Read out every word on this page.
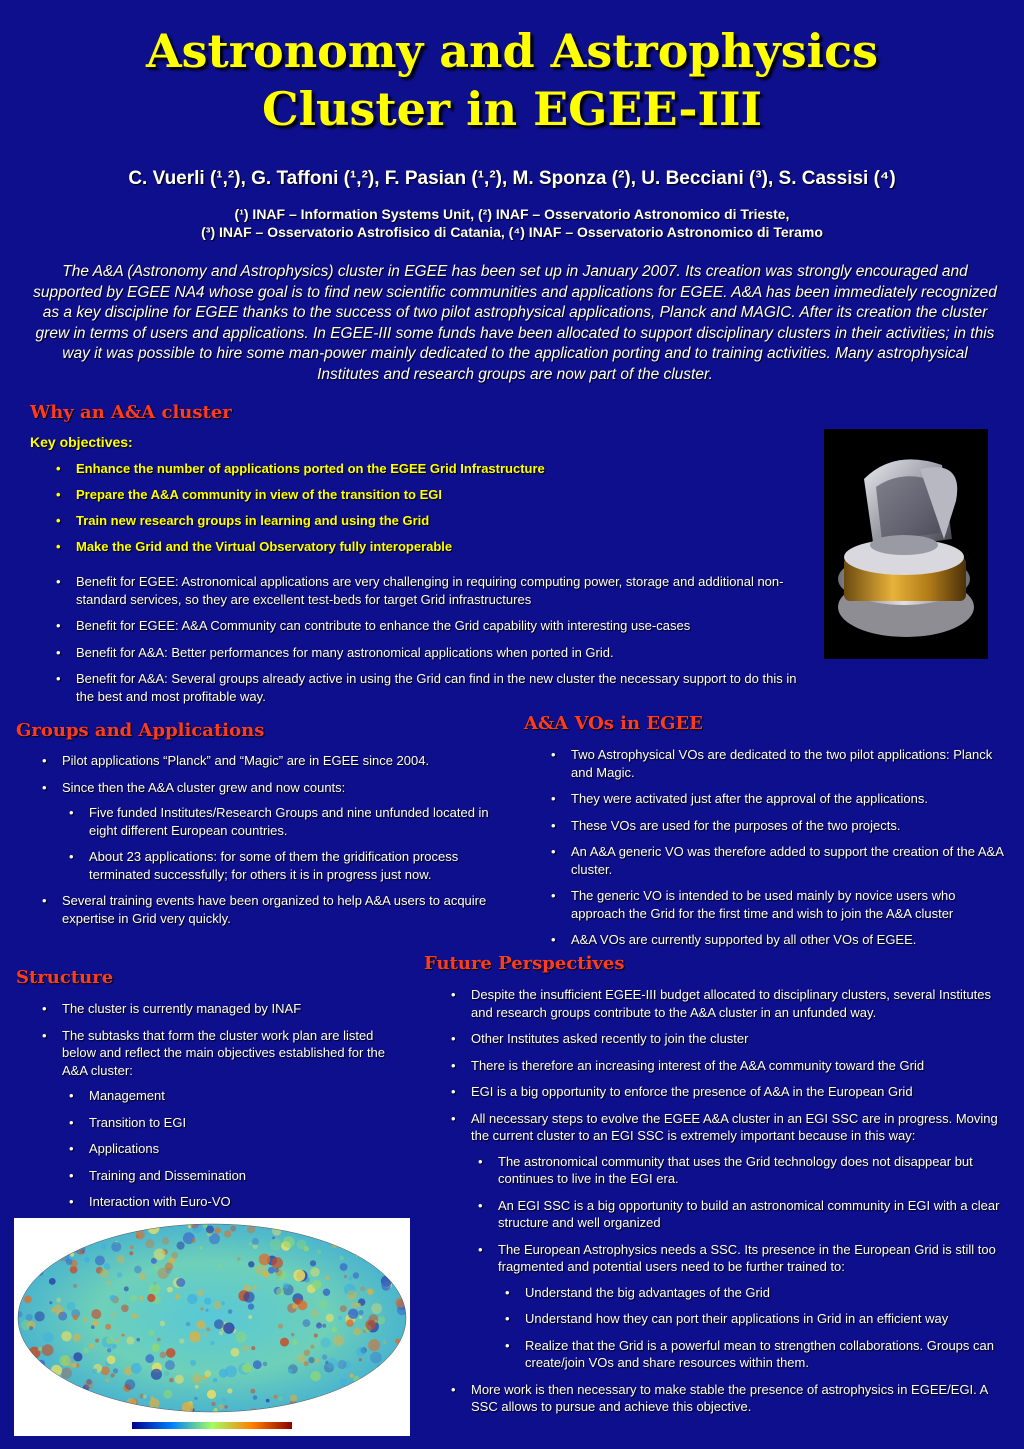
Astronomy and Astrophysics
Cluster in EGEE-III
C. Vuerli (¹,²), G. Taffoni (¹,²), F. Pasian (¹,²), M. Sponza (²), U. Becciani (³), S. Cassisi (⁴)
(¹) INAF – Information Systems Unit, (²) INAF – Osservatorio Astronomico di Trieste,
(³) INAF – Osservatorio Astrofisico di Catania, (⁴) INAF – Osservatorio Astronomico di Teramo
The A&A (Astronomy and Astrophysics) cluster in EGEE has been set up in January 2007. Its creation was strongly encouraged and supported by EGEE NA4 whose goal is to find new scientific communities and applications for EGEE. A&A has been immediately recognized as a key discipline for EGEE thanks to the success of two pilot astrophysical applications, Planck and MAGIC. After its creation the cluster grew in terms of users and applications. In EGEE-III some funds have been allocated to support disciplinary clusters in their activities; in this way it was possible to hire some man-power mainly dedicated to the application porting and to training activities. Many astrophysical Institutes and research groups are now part of the cluster.
Why an A&A cluster
Key objectives:
• Enhance the number of applications ported on the EGEE Grid Infrastructure
• Prepare the A&A community in view of the transition to EGI
• Train new research groups in learning and using the Grid
• Make the Grid and the Virtual Observatory fully interoperable
• Benefit for EGEE: Astronomical applications are very challenging in requiring computing power, storage and additional non-standard services, so they are excellent test-beds for target Grid infrastructures
• Benefit for EGEE: A&A Community can contribute to enhance the Grid capability with interesting use-cases
• Benefit for A&A: Better performances for many astronomical applications when ported in Grid.
• Benefit for A&A: Several groups already active in using the Grid can find in the new cluster the necessary support to do this in the best and most profitable way.
Groups and Applications
• Pilot applications “Planck” and “Magic” are in EGEE since 2004.
• Since then the A&A cluster grew and now counts:
• Five funded Institutes/Research Groups and nine unfunded located in eight different European countries.
• About 23 applications: for some of them the gridification process terminated successfully; for others it is in progress just now.
• Several training events have been organized to help A&A users to acquire expertise in Grid very quickly.
A&A VOs in EGEE
• Two Astrophysical VOs are dedicated to the two pilot applications: Planck and Magic.
• They were activated just after the approval of the applications.
• These VOs are used for the purposes of the two projects.
• An A&A generic VO was therefore added to support the creation of the A&A cluster.
• The generic VO is intended to be used mainly by novice users who approach the Grid for the first time and wish to join the A&A cluster
• A&A VOs are currently supported by all other VOs of EGEE.
Structure
• The cluster is currently managed by INAF
• The subtasks that form the cluster work plan are listed below and reflect the main objectives established for the A&A cluster:
• Management
• Transition to EGI
• Applications
• Training and Dissemination
• Interaction with Euro-VO
Future Perspectives
• Despite the insufficient EGEE-III budget allocated to disciplinary clusters, several Institutes and research groups contribute to the A&A cluster in an unfunded way.
• Other Institutes asked recently to join the cluster
• There is therefore an increasing interest of the A&A community toward the Grid
• EGI is a big opportunity to enforce the presence of A&A in the European Grid
• All necessary steps to evolve the EGEE A&A cluster in an EGI SSC are in progress. Moving the current cluster to an EGI SSC is extremely important because in this way:
• The astronomical community that uses the Grid technology does not disappear but continues to live in the EGI era.
• An EGI SSC is a big opportunity to build an astronomical community in EGI with a clear structure and well organized
• The European Astrophysics needs a SSC. Its presence in the European Grid is still too fragmented and potential users need to be further trained to:
• Understand the big advantages of the Grid
• Understand how they can port their applications in Grid in an efficient way
• Realize that the Grid is a powerful mean to strengthen collaborations. Groups can create/join VOs and share resources within them.
• More work is then necessary to make stable the presence of astrophysics in EGEE/EGI. A SSC allows to pursue and achieve this objective.
